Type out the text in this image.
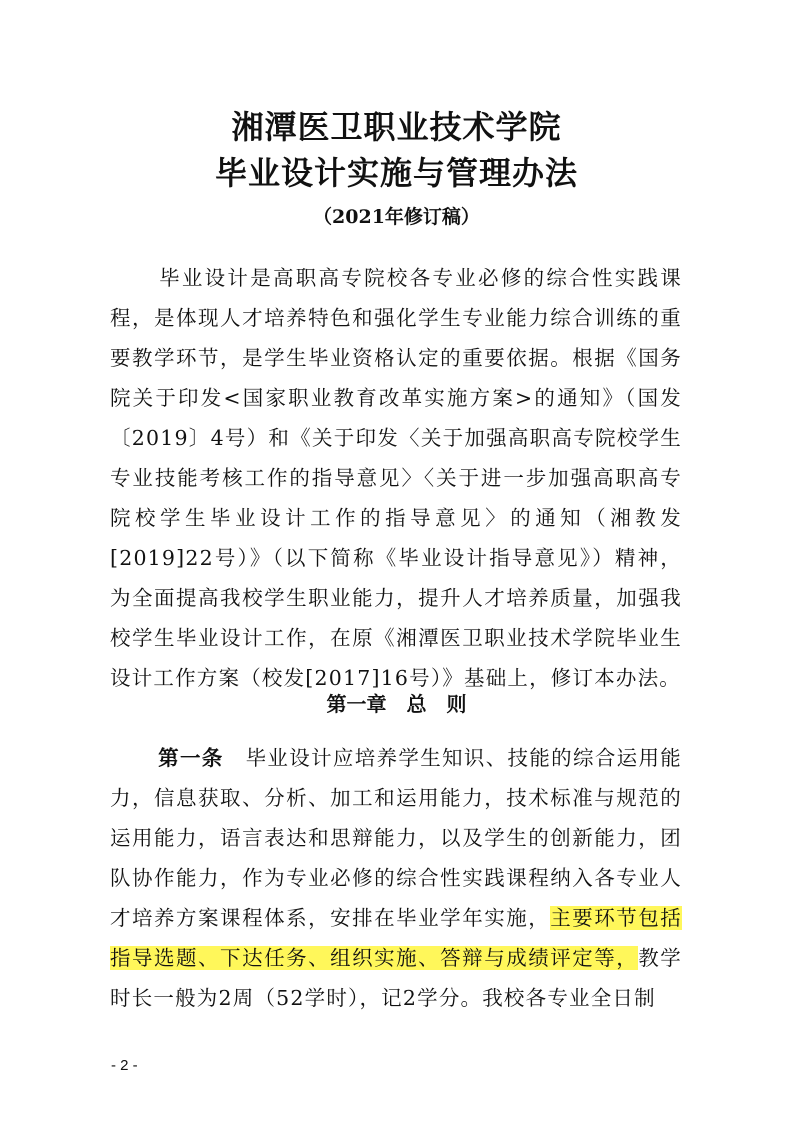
湘潭医卫职业技术学院
毕业设计实施与管理办法
（2021年修订稿）
毕业设计是高职高专院校各专业必修的综合性实践课程，是体现人才培养特色和强化学生专业能力综合训练的重要教学环节，是学生毕业资格认定的重要依据。根据《国务院关于印发<国家职业教育改革实施方案>的通知》（国发〔2019〕4号）和《关于印发〈关于加强高职高专院校学生专业技能考核工作的指导意见〉〈关于进一步加强高职高专院校学生毕业设计工作的指导意见〉的通知（湘教发[2019]22号）》（以下简称《毕业设计指导意见》）精神，为全面提高我校学生职业能力，提升人才培养质量，加强我校学生毕业设计工作，在原《湘潭医卫职业技术学院毕业生设计工作方案（校发[2017]16号）》基础上，修订本办法。
第一章　总　则
第一条 毕业设计应培养学生知识、技能的综合运用能力，信息获取、分析、加工和运用能力，技术标准与规范的运用能力，语言表达和思辩能力，以及学生的创新能力，团队协作能力，作为专业必修的综合性实践课程纳入各专业人才培养方案课程体系，安排在毕业学年实施，主要环节包括指导选题、下达任务、组织实施、答辩与成绩评定等，教学时长一般为2周（52学时），记2学分。我校各专业全日制
- 2 -
